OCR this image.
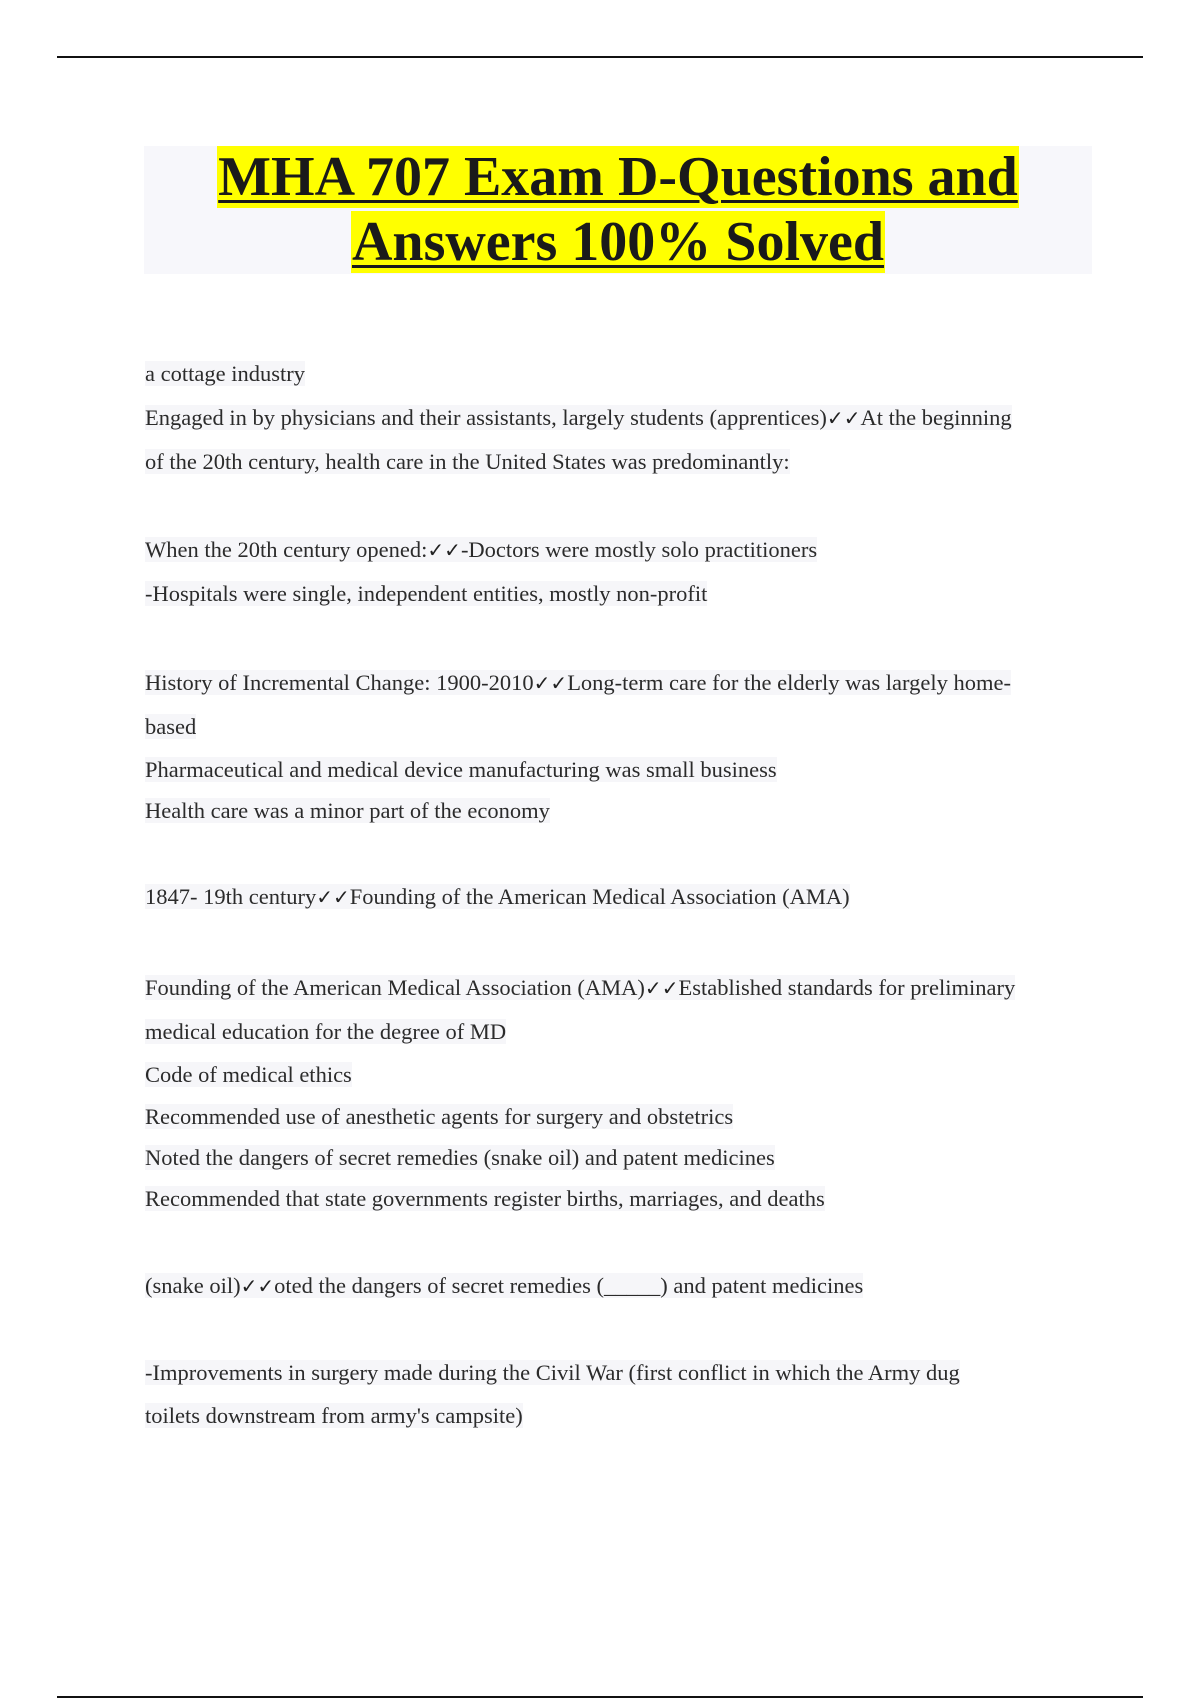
MHA 707 Exam D-Questions and
Answers 100% Solved
a cottage industry
Engaged in by physicians and their assistants, largely students (apprentices)✓✓At the beginning
of the 20th century, health care in the United States was predominantly:
When the 20th century opened:✓✓-Doctors were mostly solo practitioners
-Hospitals were single, independent entities, mostly non-profit
History of Incremental Change: 1900-2010✓✓Long-term care for the elderly was largely home-
based
Pharmaceutical and medical device manufacturing was small business
Health care was a minor part of the economy
1847- 19th century✓✓Founding of the American Medical Association (AMA)
Founding of the American Medical Association (AMA)✓✓Established standards for preliminary
medical education for the degree of MD
Code of medical ethics
Recommended use of anesthetic agents for surgery and obstetrics
Noted the dangers of secret remedies (snake oil) and patent medicines
Recommended that state governments register births, marriages, and deaths
(snake oil)✓✓oted the dangers of secret remedies (_____) and patent medicines
-Improvements in surgery made during the Civil War (first conflict in which the Army dug
toilets downstream from army's campsite)
